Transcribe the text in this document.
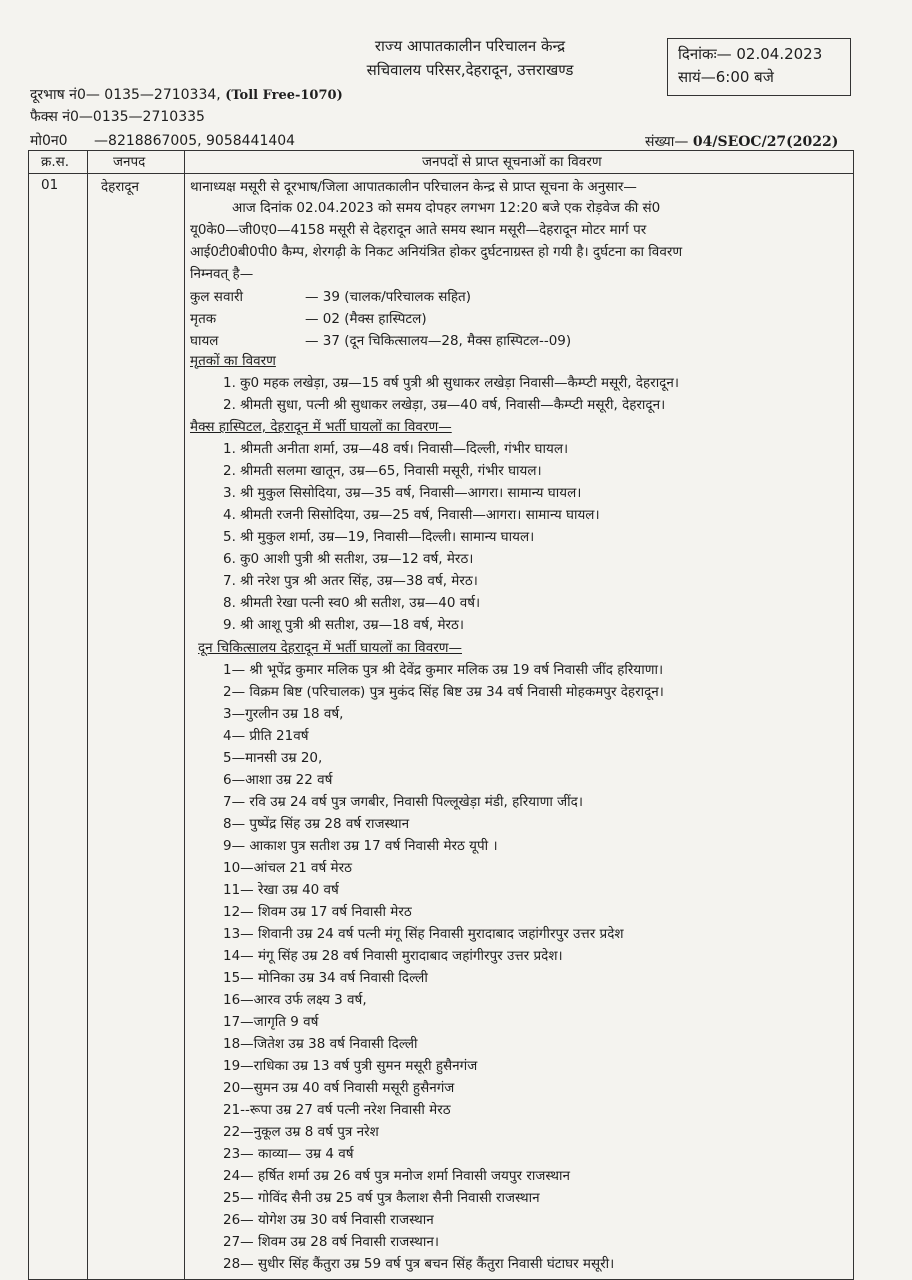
राज्य आपातकालीन परिचालन केन्द्र
सचिवालय परिसर,देहरादून, उत्तराखण्ड
दिनांकः— 02.04.2023
सायं—6:00 बजे
दूरभाष नं0— 0135—2710334, (Toll Free-1070)
फैक्स नं0—0135—2710335
मो0न0 —8218867005, 9058441404	संख्या— 04/SEOC/27(2022)
क्र.स.	जनपद	जनपदों से प्राप्त सूचनाओं का विवरण
01	देहरादून	थानाध्यक्ष मसूरी से दूरभाष/जिला आपातकालीन परिचालन केन्द्र से प्राप्त सूचना के अनुसार—
आज दिनांक 02.04.2023 को समय दोपहर लगभग 12:20 बजे एक रोड़वेज की सं0
यू0के0—जी0ए0—4158 मसूरी से देहरादून आते समय स्थान मसूरी—देहरादून मोटर मार्ग पर
आई0टी0बी0पी0 कैम्प, शेरगढ़ी के निकट अनियंत्रित होकर दुर्घटनाग्रस्त हो गयी है। दुर्घटना का विवरण
निम्नवत् है—
कुल सवारी	— 39 (चालक/परिचालक सहित)
मृतक	— 02 (मैक्स हास्पिटल)
घायल	— 37 (दून चिकित्सालय—28, मैक्स हास्पिटल--09)
मृतकों का विवरण
1. कु0 महक लखेड़ा, उम्र—15 वर्ष पुत्री श्री सुधाकर लखेड़ा निवासी—कैम्प्टी मसूरी, देहरादून।
2. श्रीमती सुधा, पत्नी श्री सुधाकर लखेड़ा, उम्र—40 वर्ष, निवासी—कैम्प्टी मसूरी, देहरादून।
मैक्स हास्पिटल, देहरादून में भर्ती घायलों का विवरण—
1. श्रीमती अनीता शर्मा, उम्र—48 वर्ष। निवासी—दिल्ली, गंभीर घायल।
2. श्रीमती सलमा खातून, उम्र—65, निवासी मसूरी, गंभीर घायल।
3. श्री मुकुल सिसोदिया, उम्र—35 वर्ष, निवासी—आगरा। सामान्य घायल।
4. श्रीमती रजनी सिसोदिया, उम्र—25 वर्ष, निवासी—आगरा। सामान्य घायल।
5. श्री मुकुल शर्मा, उम्र—19, निवासी—दिल्ली। सामान्य घायल।
6. कु0 आशी पुत्री श्री सतीश, उम्र—12 वर्ष, मेरठ।
7. श्री नरेश पुत्र श्री अतर सिंह, उम्र—38 वर्ष, मेरठ।
8. श्रीमती रेखा पत्नी स्व0 श्री सतीश, उम्र—40 वर्ष।
9. श्री आशू पुत्री श्री सतीश, उम्र—18 वर्ष, मेरठ।
दून चिकित्सालय देहरादून में भर्ती घायलों का विवरण—
1— श्री भूपेंद्र कुमार मलिक पुत्र श्री देवेंद्र कुमार मलिक उम्र 19 वर्ष निवासी जींद हरियाणा।
2— विक्रम बिष्ट (परिचालक) पुत्र मुकंद सिंह बिष्ट उम्र 34 वर्ष निवासी मोहकमपुर देहरादून।
3—गुरलीन उम्र 18 वर्ष,
4— प्रीति 21वर्ष
5—मानसी उम्र 20,
6—आशा उम्र 22 वर्ष
7— रवि उम्र 24 वर्ष पुत्र जगबीर, निवासी पिल्लूखेड़ा मंडी, हरियाणा जींद।
8— पुष्पेंद्र सिंह उम्र 28 वर्ष राजस्थान
9— आकाश पुत्र सतीश उम्र 17 वर्ष निवासी मेरठ यूपी ।
10—आंचल 21 वर्ष मेरठ
11— रेखा उम्र 40 वर्ष
12— शिवम उम्र 17 वर्ष निवासी मेरठ
13— शिवानी उम्र 24 वर्ष पत्नी मंगू सिंह निवासी मुरादाबाद जहांगीरपुर उत्तर प्रदेश
14— मंगू सिंह उम्र 28 वर्ष निवासी मुरादाबाद जहांगीरपुर उत्तर प्रदेश।
15— मोनिका उम्र 34 वर्ष निवासी दिल्ली
16—आरव उर्फ लक्ष्य 3 वर्ष,
17—जागृति 9 वर्ष
18—जितेश उम्र 38 वर्ष निवासी दिल्ली
19—राधिका उम्र 13 वर्ष पुत्री सुमन मसूरी हुसैनगंज
20—सुमन उम्र 40 वर्ष निवासी मसूरी हुसैनगंज
21--रूपा उम्र 27 वर्ष पत्नी नरेश निवासी मेरठ
22—नुकूल उम्र 8 वर्ष पुत्र नरेश
23— काव्या— उम्र 4 वर्ष
24— हर्षित शर्मा उम्र 26 वर्ष पुत्र मनोज शर्मा निवासी जयपुर राजस्थान
25— गोविंद सैनी उम्र 25 वर्ष पुत्र कैलाश सैनी निवासी राजस्थान
26— योगेश उम्र 30 वर्ष निवासी राजस्थान
27— शिवम उम्र 28 वर्ष निवासी राजस्थान।
28— सुधीर सिंह कैंतुरा उम्र 59 वर्ष पुत्र बचन सिंह कैंतुरा निवासी घंटाघर मसूरी।
